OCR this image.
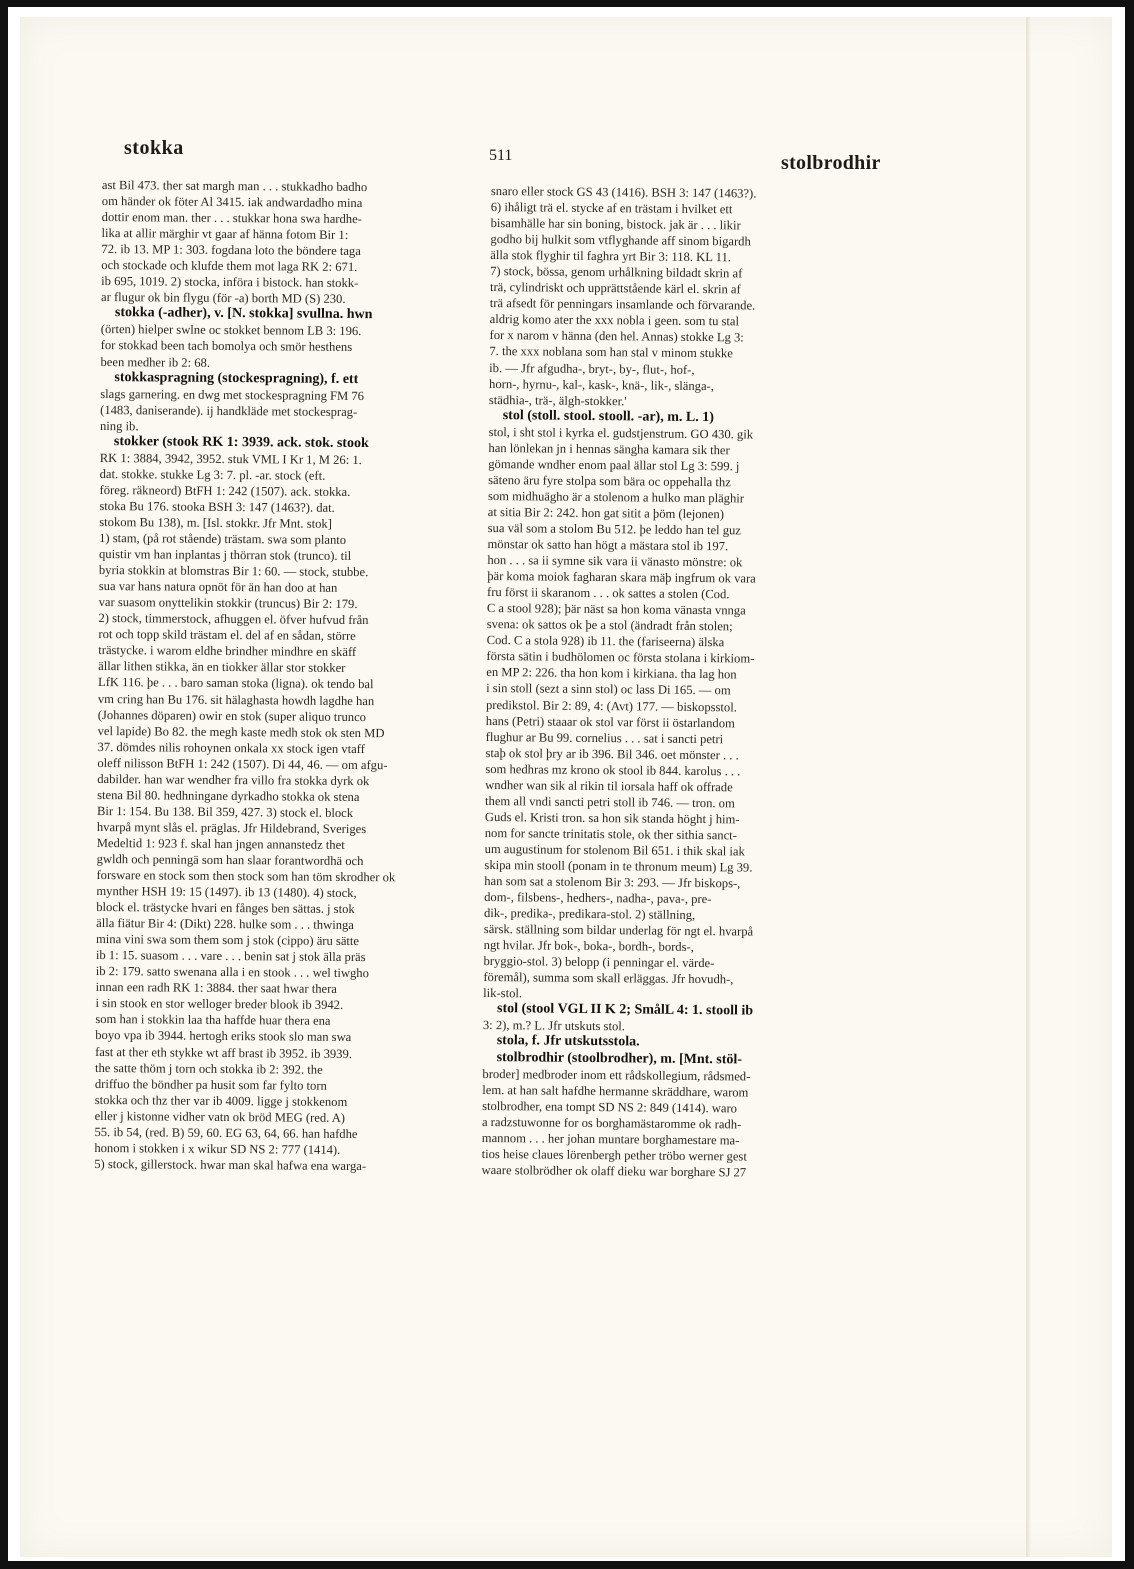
stokka	511	stolbrodhir
ast Bil 473. ther sat margh man . . . stukkadho badho
om händer ok föter Al 3415. iak andwardadho mina
dottir enom man. ther . . . stukkar hona swa hardhe-
lika at allir märghir vt gaar af hänna fotom Bir 1:
72. ib 13. MP 1: 303. fogdana loto the böndere taga
och stockade och klufde them mot laga RK 2: 671.
ib 695, 1019. 2) stocka, införa i bistock. han stokk-
ar flugur ok bin flygu (för -a) borth MD (S) 230.
stokka (-adher), v. [N. stokka] svullna. hwn
(örten) hielper swlne oc stokket bennom LB 3: 196.
for stokkad been tach bomolya och smör hesthens
been medher ib 2: 68.
stokkaspragning (stockespragning), f. ett
slags garnering. en dwg met stockespragning FM 76
(1483, daniserande). ij handkläde met stockesprag-
ning ib.
stokker (stook RK 1: 3939. ack. stok. stook
RK 1: 3884, 3942, 3952. stuk VML I Kr 1, M 26: 1.
dat. stokke. stukke Lg 3: 7. pl. -ar. stock (eft.
föreg. räkneord) BtFH 1: 242 (1507). ack. stokka.
stoka Bu 176. stooka BSH 3: 147 (1463?). dat.
stokom Bu 138), m. [Isl. stokkr. Jfr Mnt. stok]
1) stam, (på rot stående) trästam. swa som planto
quistir vm han inplantas j thörran stok (trunco). til
byria stokkin at blomstras Bir 1: 60. — stock, stubbe.
sua var hans natura opnöt för än han doo at han
var suasom onyttelikin stokkir (truncus) Bir 2: 179.
2) stock, timmerstock, afhuggen el. öfver hufvud från
rot och topp skild trästam el. del af en sådan, större
trästycke. i warom eldhe brindher mindhre en skäff
ällar lithen stikka, än en tiokker ällar stor stokker
LfK 116. þe . . . baro saman stoka (ligna). ok tendo bal
vm cring han Bu 176. sit hälaghasta howdh lagdhe han
(Johannes döparen) owir en stok (super aliquo trunco
vel lapide) Bo 82. the megh kaste medh stok ok sten MD
37. dömdes nilis rohoynen onkala xx stock igen vtaff
oleff nilisson BtFH 1: 242 (1507). Di 44, 46. — om afgu-
dabilder. han war wendher fra villo fra stokka dyrk ok
stena Bil 80. hedhningane dyrkadho stokka ok stena
Bir 1: 154. Bu 138. Bil 359, 427. 3) stock el. block
hvarpå mynt slås el. präglas. Jfr Hildebrand, Sveriges
Medeltid 1: 923 f. skal han jngen annanstedz thet
gwldh och penningä som han slaar forantwordhä och
forsware en stock som then stock som han töm skrodher ok
mynther HSH 19: 15 (1497). ib 13 (1480). 4) stock,
block el. trästycke hvari en fånges ben sättas. j stok
älla fiätur Bir 4: (Dikt) 228. hulke som . . . thwinga
mina vini swa som them som j stok (cippo) äru sätte
ib 1: 15. suasom . . . vare . . . benin sat j stok älla präs
ib 2: 179. satto swenana alla i en stook . . . wel tiwgho
innan een radh RK 1: 3884. ther saat hwar thera
i sin stook en stor welloger breder blook ib 3942.
som han i stokkin laa tha haffde huar thera ena
boyo vpa ib 3944. hertogh eriks stook slo man swa
fast at ther eth stykke wt aff brast ib 3952. ib 3939.
the satte thöm j torn och stokka ib 2: 392. the
driffuo the böndher pa husit som far fylto torn
stokka och thz ther var ib 4009. ligge j stokkenom
eller j kistonne vidher vatn ok bröd MEG (red. A)
55. ib 54, (red. B) 59, 60. EG 63, 64, 66. han hafdhe
honom i stokken i x wikur SD NS 2: 777 (1414).
5) stock, gillerstock. hwar man skal hafwa ena warga-
snaro eller stock GS 43 (1416). BSH 3: 147 (1463?).
6) ihåligt trä el. stycke af en trästam i hvilket ett
bisamhälle har sin boning, bistock. jak är . . . likir
godho bij hulkit som vtflyghande aff sinom bigardh
älla stok flyghir til faghra yrt Bir 3: 118. KL 11.
7) stock, bössa, genom urhålkning bildadt skrin af
trä, cylindriskt och upprättstående kärl el. skrin af
trä afsedt för penningars insamlande och förvarande.
aldrig komo ater the xxx nobla i geen. som tu stal
for x narom v hänna (den hel. Annas) stokke Lg 3:
7. the xxx noblana som han stal v minom stukke
ib. — Jfr afgudha-, bryt-, by-, flut-, hof-,
horn-, hyrnu-, kal-, kask-, knä-, lik-, slänga-,
städhia-, trä-, älgh-stokker.'
stol (stoll. stool. stooll. -ar), m. L. 1)
stol, i sht stol i kyrka el. gudstjenstrum. GO 430. gik
han lönlekan jn i hennas sängha kamara sik ther
gömande wndher enom paal ällar stol Lg 3: 599. j
säteno äru fyre stolpa som bära oc oppehalla thz
som midhuägho är a stolenom a hulko man pläghir
at sitia Bir 2: 242. hon gat sitit a þöm (lejonen)
sua väl som a stolom Bu 512. þe leddo han tel guz
mönstar ok satto han högt a mästara stol ib 197.
hon . . . sa ii symne sik vara ii vänasto mönstre: ok
þär koma moiok fagharan skara mäþ ingfrum ok vara
fru först ii skaranom . . . ok sattes a stolen (Cod.
C a stool 928); þär näst sa hon koma vänasta vnnga
svena: ok sattos ok þe a stol (ändradt från stolen;
Cod. C a stola 928) ib 11. the (fariseerna) älska
första sätin i budhölomen oc första stolana i kirkiom-
en MP 2: 226. tha hon kom i kirkiana. tha lag hon
i sin stoll (sezt a sinn stol) oc lass Di 165. — om
predikstol. Bir 2: 89, 4: (Avt) 177. — biskopsstol.
hans (Petri) staaar ok stol var först ii östarlandom
flughur ar Bu 99. cornelius . . . sat i sancti petri
staþ ok stol þry ar ib 396. Bil 346. oet mönster . . .
som hedhras mz krono ok stool ib 844. karolus . . .
wndher wan sik al rikin til iorsala haff ok offrade
them all vndi sancti petri stoll ib 746. — tron. om
Guds el. Kristi tron. sa hon sik standa höght j him-
nom for sancte trinitatis stole, ok ther sithia sanct-
um augustinum for stolenom Bil 651. i thik skal iak
skipa min stooll (ponam in te thronum meum) Lg 39.
han som sat a stolenom Bir 3: 293. — Jfr biskops-,
dom-, filsbens-, hedhers-, nadha-, pava-, pre-
dik-, predika-, predikara-stol. 2) ställning,
särsk. ställning som bildar underlag för ngt el. hvarpå
ngt hvilar. Jfr bok-, boka-, bordh-, bords-,
bryggio-stol. 3) belopp (i penningar el. värde-
föremål), summa som skall erläggas. Jfr hovudh-,
lik-stol.
stol (stool VGL II K 2; SmålL 4: 1. stooll ib
3: 2), m.? L. Jfr utskuts stol.
stola, f. Jfr utskutsstola.
stolbrodhir (stoolbrodher), m. [Mnt. stöl-
broder] medbroder inom ett rådskollegium, rådsmed-
lem. at han salt hafdhe hermanne skräddhare, warom
stolbrodher, ena tompt SD NS 2: 849 (1414). waro
a radzstuwonne for os borghamästaromme ok radh-
mannom . . . her johan muntare borghamestare ma-
tios heise claues lörenbergh pether tröbo werner gest
waare stolbrödher ok olaff dieku war borghare SJ 27
